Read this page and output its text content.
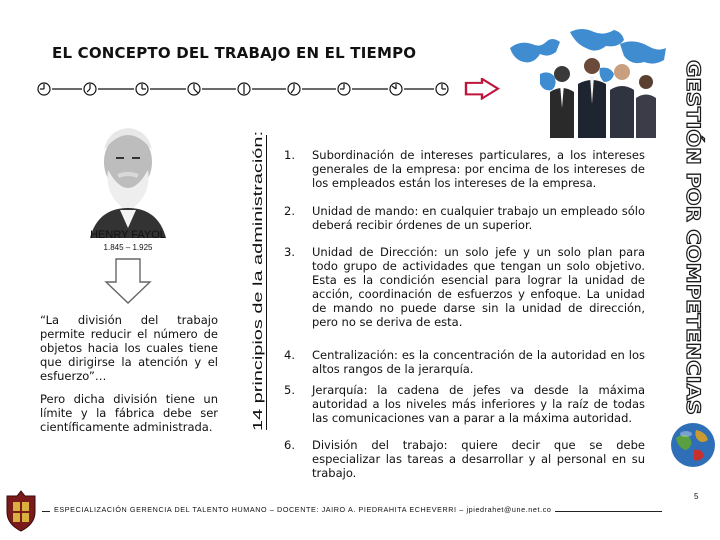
EL CONCEPTO DEL TRABAJO EN EL TIEMPO
GESTIÓN POR COMPETENCIAS
14 principios de la administración:
HENRY FAYOL
1.845 – 1.925

“La división del trabajo permite reducir el número de objetos hacia los cuales tiene que dirigirse la atención y el esfuerzo”…

Pero dicha división tiene un límite y la fábrica debe ser científicamente administrada.

1.	Subordinación de intereses particulares, a los intereses generales de la empresa: por encima de los intereses de los empleados están los intereses de la empresa.
2.	Unidad de mando: en cualquier trabajo un empleado sólo deberá recibir órdenes de un superior.
3.	Unidad de Dirección: un solo jefe y un solo plan para todo grupo de actividades que tengan un solo objetivo. Esta es la condición esencial para lograr la unidad de acción, coordinación de esfuerzos y enfoque. La unidad de mando no puede darse sin la unidad de dirección, pero no se deriva de esta.
4.	Centralización: es la concentración de la autoridad en los altos rangos de la jerarquía.
5.	Jerarquía: la cadena de jefes va desde la máxima autoridad a los niveles más inferiores y la raíz de todas las comunicaciones van a parar a la máxima autoridad.
6.	División del trabajo: quiere decir que se debe especializar las tareas a desarrollar y al personal en su trabajo.
ESPECIALIZACIÓN GERENCIA DEL TALENTO HUMANO – DOCENTE: JAIRO A. PIEDRAHITA ECHEVERRI – jpiedrahet@une.net.co
5
